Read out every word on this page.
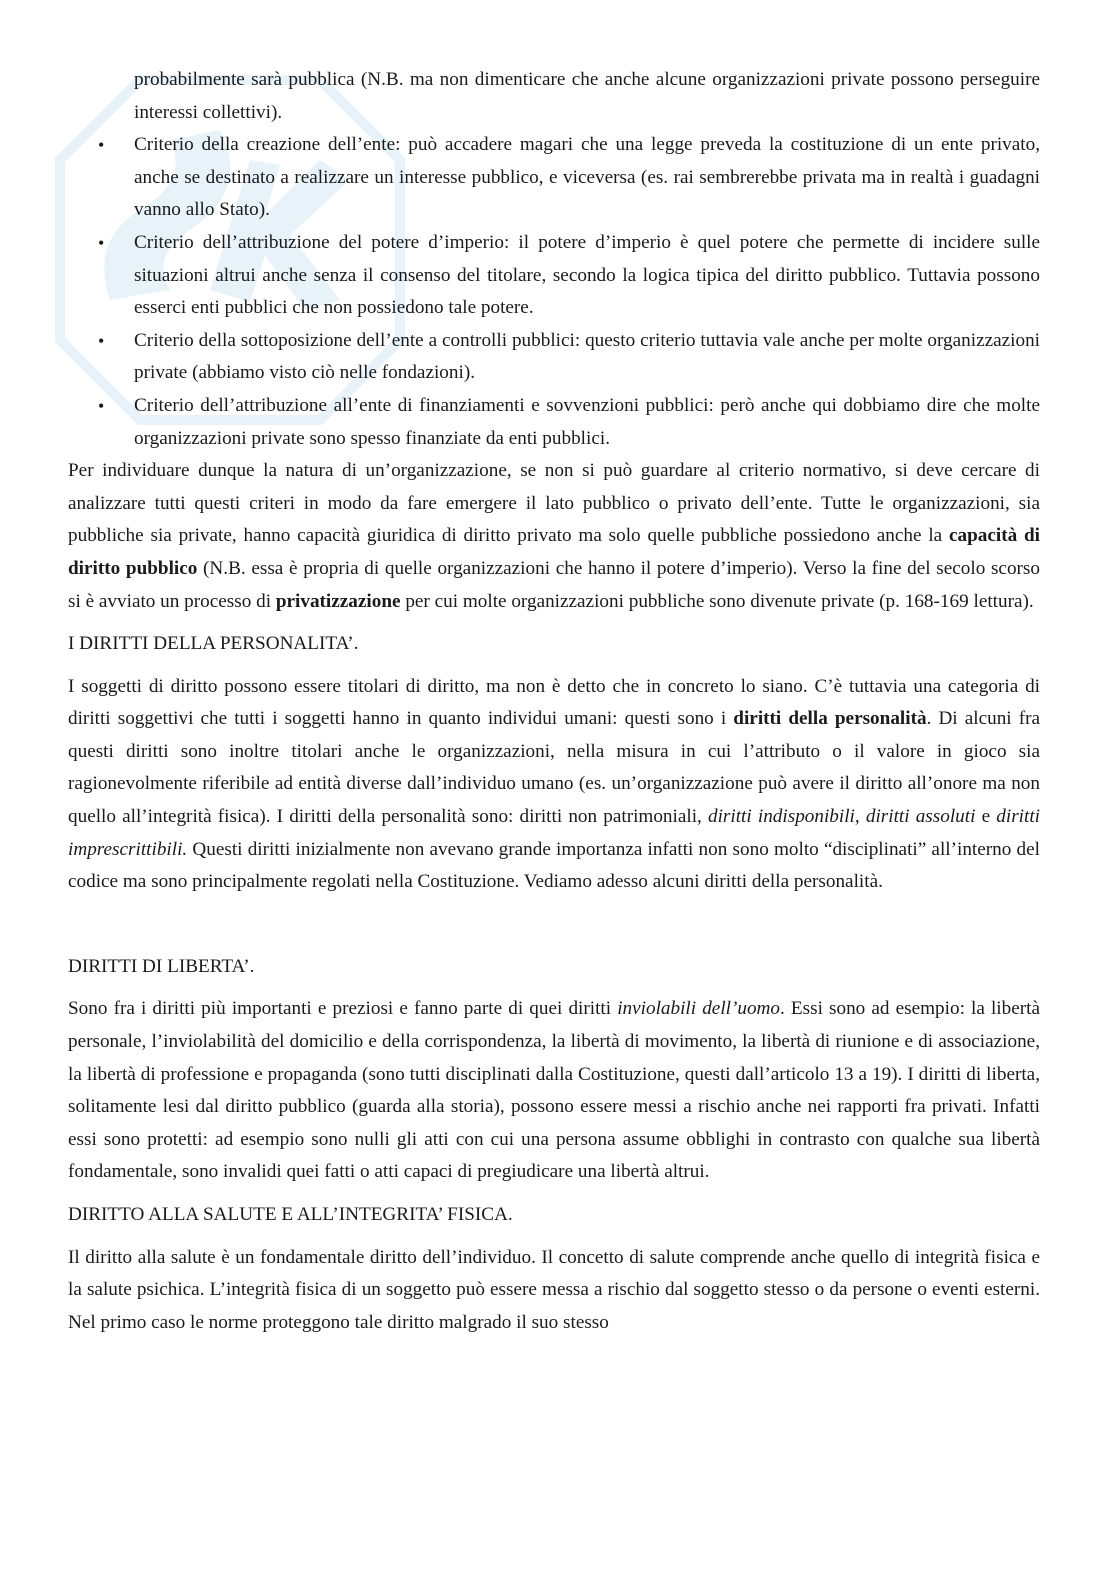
probabilmente sarà pubblica (N.B. ma non dimenticare che anche alcune organizzazioni private possono perseguire interessi collettivi).

• Criterio della creazione dell’ente: può accadere magari che una legge preveda la costituzione di un ente privato, anche se destinato a realizzare un interesse pubblico, e viceversa (es. rai sembrerebbe privata ma in realtà i guadagni vanno allo Stato).
• Criterio dell’attribuzione del potere d’imperio: il potere d’imperio è quel potere che permette di incidere sulle situazioni altrui anche senza il consenso del titolare, secondo la logica tipica del diritto pubblico. Tuttavia possono esserci enti pubblici che non possiedono tale potere.
• Criterio della sottoposizione dell’ente a controlli pubblici: questo criterio tuttavia vale anche per molte organizzazioni private (abbiamo visto ciò nelle fondazioni).
• Criterio dell’attribuzione all’ente di finanziamenti e sovvenzioni pubblici: però anche qui dobbiamo dire che molte organizzazioni private sono spesso finanziate da enti pubblici.

Per individuare dunque la natura di un’organizzazione, se non si può guardare al criterio normativo, si deve cercare di analizzare tutti questi criteri in modo da fare emergere il lato pubblico o privato dell’ente. Tutte le organizzazioni, sia pubbliche sia private, hanno capacità giuridica di diritto privato ma solo quelle pubbliche possiedono anche la capacità di diritto pubblico (N.B. essa è propria di quelle organizzazioni che hanno il potere d’imperio). Verso la fine del secolo scorso si è avviato un processo di privatizzazione per cui molte organizzazioni pubbliche sono divenute private (p. 168-169 lettura).

I DIRITTI DELLA PERSONALITA’.

I soggetti di diritto possono essere titolari di diritto, ma non è detto che in concreto lo siano. C’è tuttavia una categoria di diritti soggettivi che tutti i soggetti hanno in quanto individui umani: questi sono i diritti della personalità. Di alcuni fra questi diritti sono inoltre titolari anche le organizzazioni, nella misura in cui l’attributo o il valore in gioco sia ragionevolmente riferibile ad entità diverse dall’individuo umano (es. un’organizzazione può avere il diritto all’onore ma non quello all’integrità fisica). I diritti della personalità sono: diritti non patrimoniali, diritti indisponibili, diritti assoluti e diritti imprescrittibili. Questi diritti inizialmente non avevano grande importanza infatti non sono molto “disciplinati” all’interno del codice ma sono principalmente regolati nella Costituzione. Vediamo adesso alcuni diritti della personalità.

DIRITTI DI LIBERTA’.

Sono fra i diritti più importanti e preziosi e fanno parte di quei diritti inviolabili dell’uomo. Essi sono ad esempio: la libertà personale, l’inviolabilità del domicilio e della corrispondenza, la libertà di movimento, la libertà di riunione e di associazione, la libertà di professione e propaganda (sono tutti disciplinati dalla Costituzione, questi dall’articolo 13 a 19). I diritti di liberta, solitamente lesi dal diritto pubblico (guarda alla storia), possono essere messi a rischio anche nei rapporti fra privati. Infatti essi sono protetti: ad esempio sono nulli gli atti con cui una persona assume obblighi in contrasto con qualche sua libertà fondamentale, sono invalidi quei fatti o atti capaci di pregiudicare una libertà altrui.

DIRITTO ALLA SALUTE E ALL’INTEGRITA’ FISICA.

Il diritto alla salute è un fondamentale diritto dell’individuo. Il concetto di salute comprende anche quello di integrità fisica e la salute psichica. L’integrità fisica di un soggetto può essere messa a rischio dal soggetto stesso o da persone o eventi esterni. Nel primo caso le norme proteggono tale diritto malgrado il suo stesso
